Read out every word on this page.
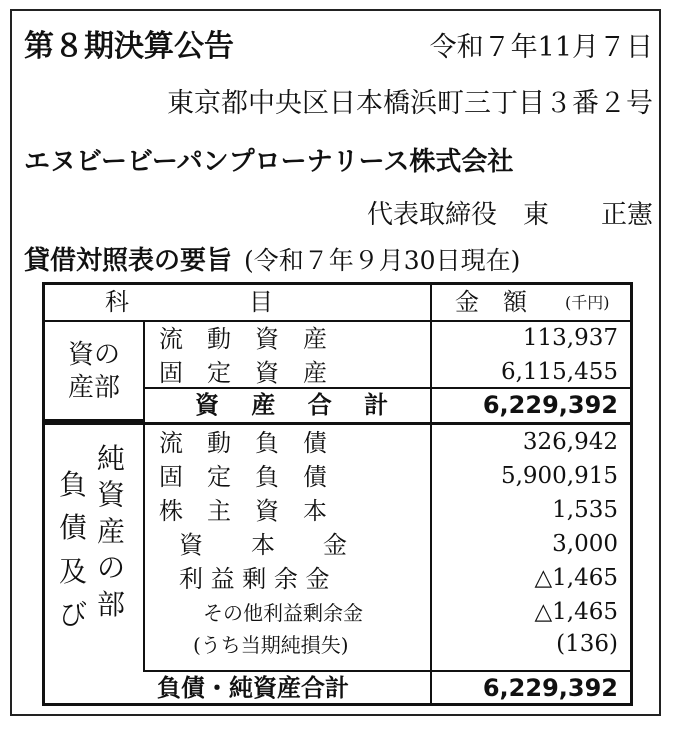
第８期決算公告	令和７年11月７日
東京都中央区日本橋浜町三丁目３番２号
エヌビービーパンプローナリース株式会社
代表取締役　東　　正憲
貸借対照表の要旨 (令和７年９月30日現在)
科　　　　　目	金　額 (千円)
資の産部
流　動　資　産	113,937
固　定　資　産	6,115,455
資 産 合 計	6,229,392
負債及び
純資産の部
流　動　負　債	326,942
固　定　負　債	5,900,915
株　主　資　本	1,535
資　　本　　金	3,000
利 益 剰 余 金	△1,465
その他利益剰余金	△1,465
(うち当期純損失)	(136)
負債・純資産合計	6,229,392
